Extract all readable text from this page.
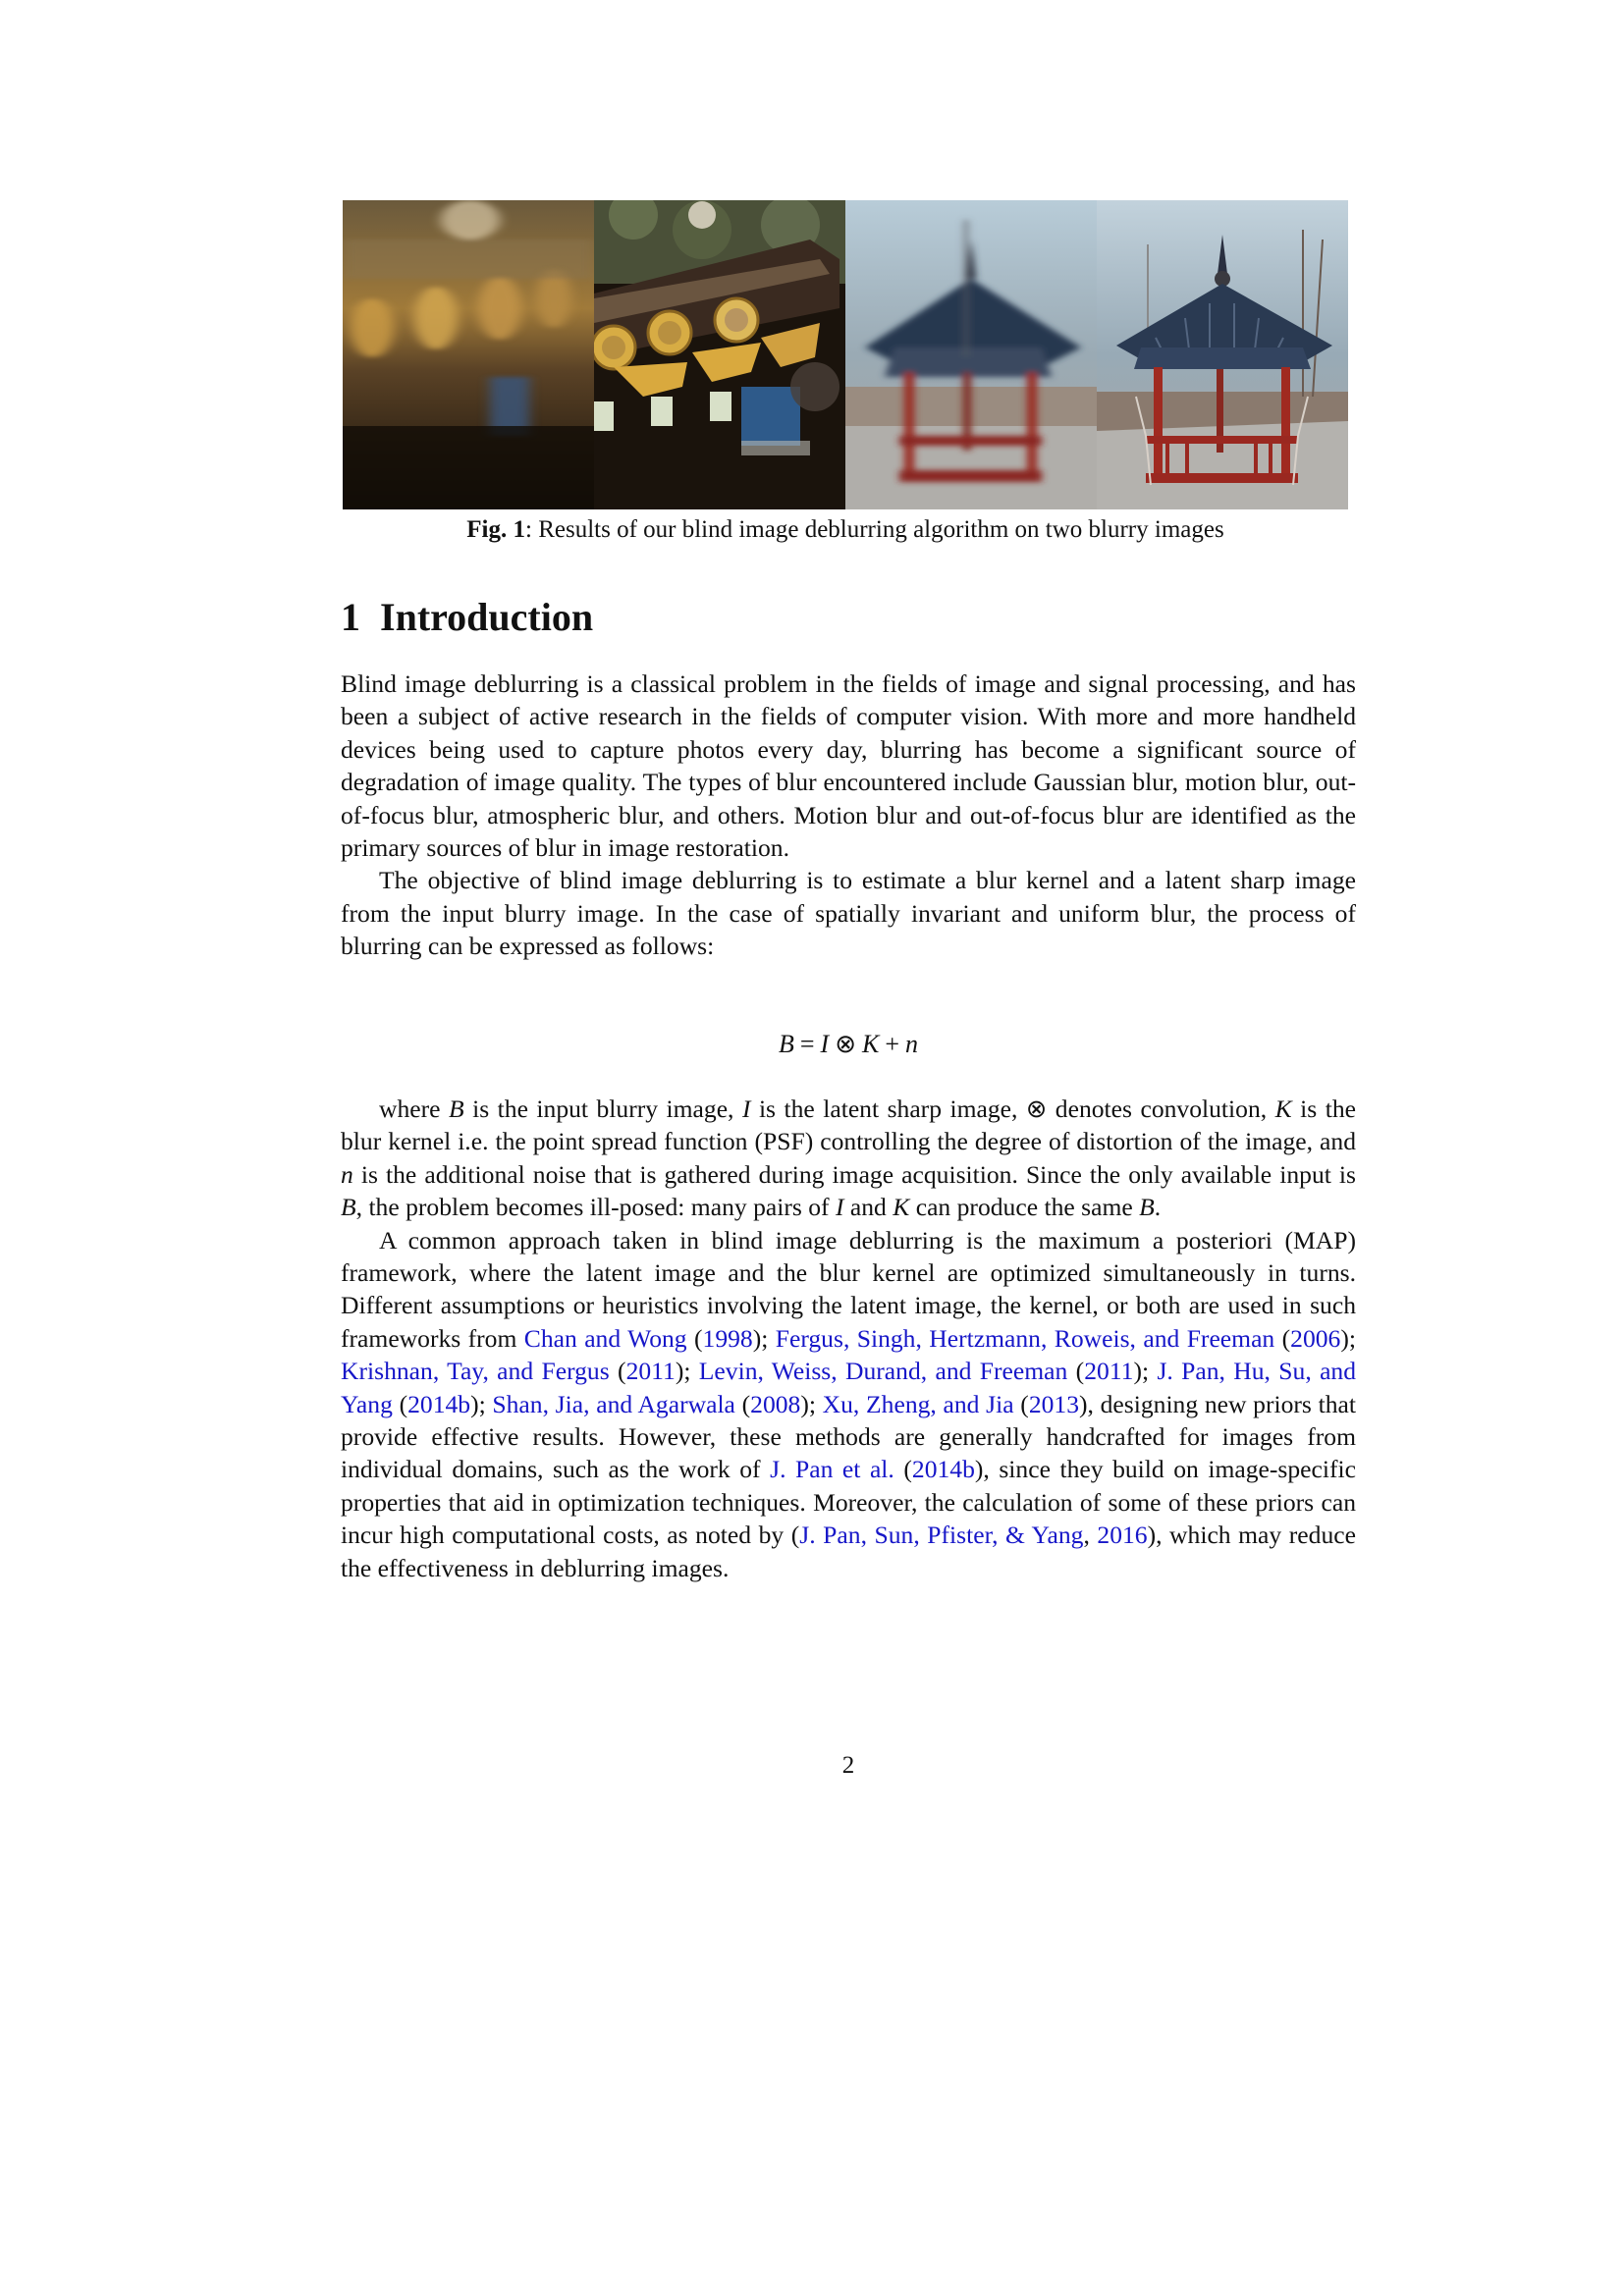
Fig. 1: Results of our blind image deblurring algorithm on two blurry images
1 Introduction

Blind image deblurring is a classical problem in the fields of image and signal processing, and has been a subject of active research in the fields of computer vision. With more and more handheld devices being used to capture photos every day, blurring has become a significant source of degradation of image quality. The types of blur encountered include Gaussian blur, motion blur, out-of-focus blur, atmospheric blur, and others. Motion blur and out-of-focus blur are identified as the primary sources of blur in image restoration.

The objective of blind image deblurring is to estimate a blur kernel and a latent sharp image from the input blurry image. In the case of spatially invariant and uniform blur, the process of blurring can be expressed as follows:

B = I ⊗ K + n

where B is the input blurry image, I is the latent sharp image, ⊗ denotes convolution, K is the blur kernel i.e. the point spread function (PSF) controlling the degree of distortion of the image, and n is the additional noise that is gathered during image acquisition. Since the only available input is B, the problem becomes ill-posed: many pairs of I and K can produce the same B.

A common approach taken in blind image deblurring is the maximum a posteriori (MAP) framework, where the latent image and the blur kernel are optimized simultaneously in turns. Different assumptions or heuristics involving the latent image, the kernel, or both are used in such frameworks from Chan and Wong (1998); Fergus, Singh, Hertzmann, Roweis, and Freeman (2006); Krishnan, Tay, and Fergus (2011); Levin, Weiss, Durand, and Freeman (2011); J. Pan, Hu, Su, and Yang (2014b); Shan, Jia, and Agarwala (2008); Xu, Zheng, and Jia (2013), designing new priors that provide effective results. However, these methods are generally handcrafted for images from individual domains, such as the work of J. Pan et al. (2014b), since they build on image-specific properties that aid in optimization techniques. Moreover, the calculation of some of these priors can incur high computational costs, as noted by (J. Pan, Sun, Pfister, & Yang, 2016), which may reduce the effectiveness in deblurring images.

2
